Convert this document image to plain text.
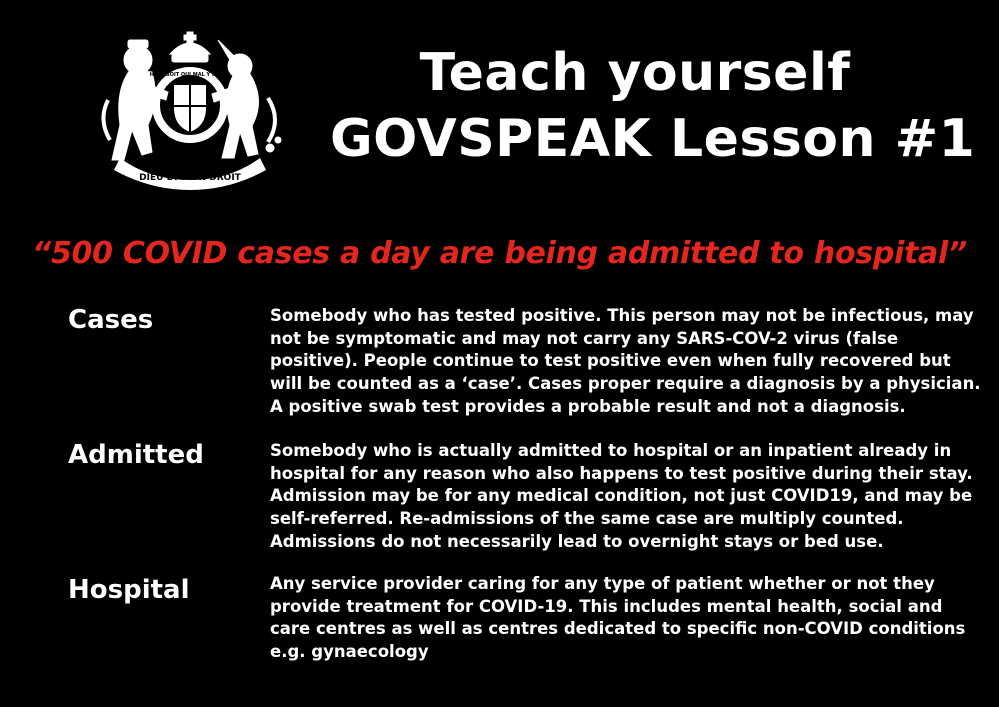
HONI SOIT QUI MAL Y PENSE
DIEU ET MON DROIT
Teach yourself
GOVSPEAK Lesson #1
“500 COVID cases a day are being admitted to hospital”
Cases	Somebody who has tested positive. This person may not be infectious, may not be symptomatic and may not carry any SARS-COV-2 virus (false positive). People continue to test positive even when fully recovered but will be counted as a ‘case’. Cases proper require a diagnosis by a physician. A positive swab test provides a probable result and not a diagnosis.
Admitted	Somebody who is actually admitted to hospital or an inpatient already in hospital for any reason who also happens to test positive during their stay. Admission may be for any medical condition, not just COVID19, and may be self-referred. Re-admissions of the same case are multiply counted. Admissions do not necessarily lead to overnight stays or bed use.
Hospital	Any service provider caring for any type of patient whether or not they provide treatment for COVID-19. This includes mental health, social and care centres as well as centres dedicated to specific non-COVID conditions e.g. gynaecology
